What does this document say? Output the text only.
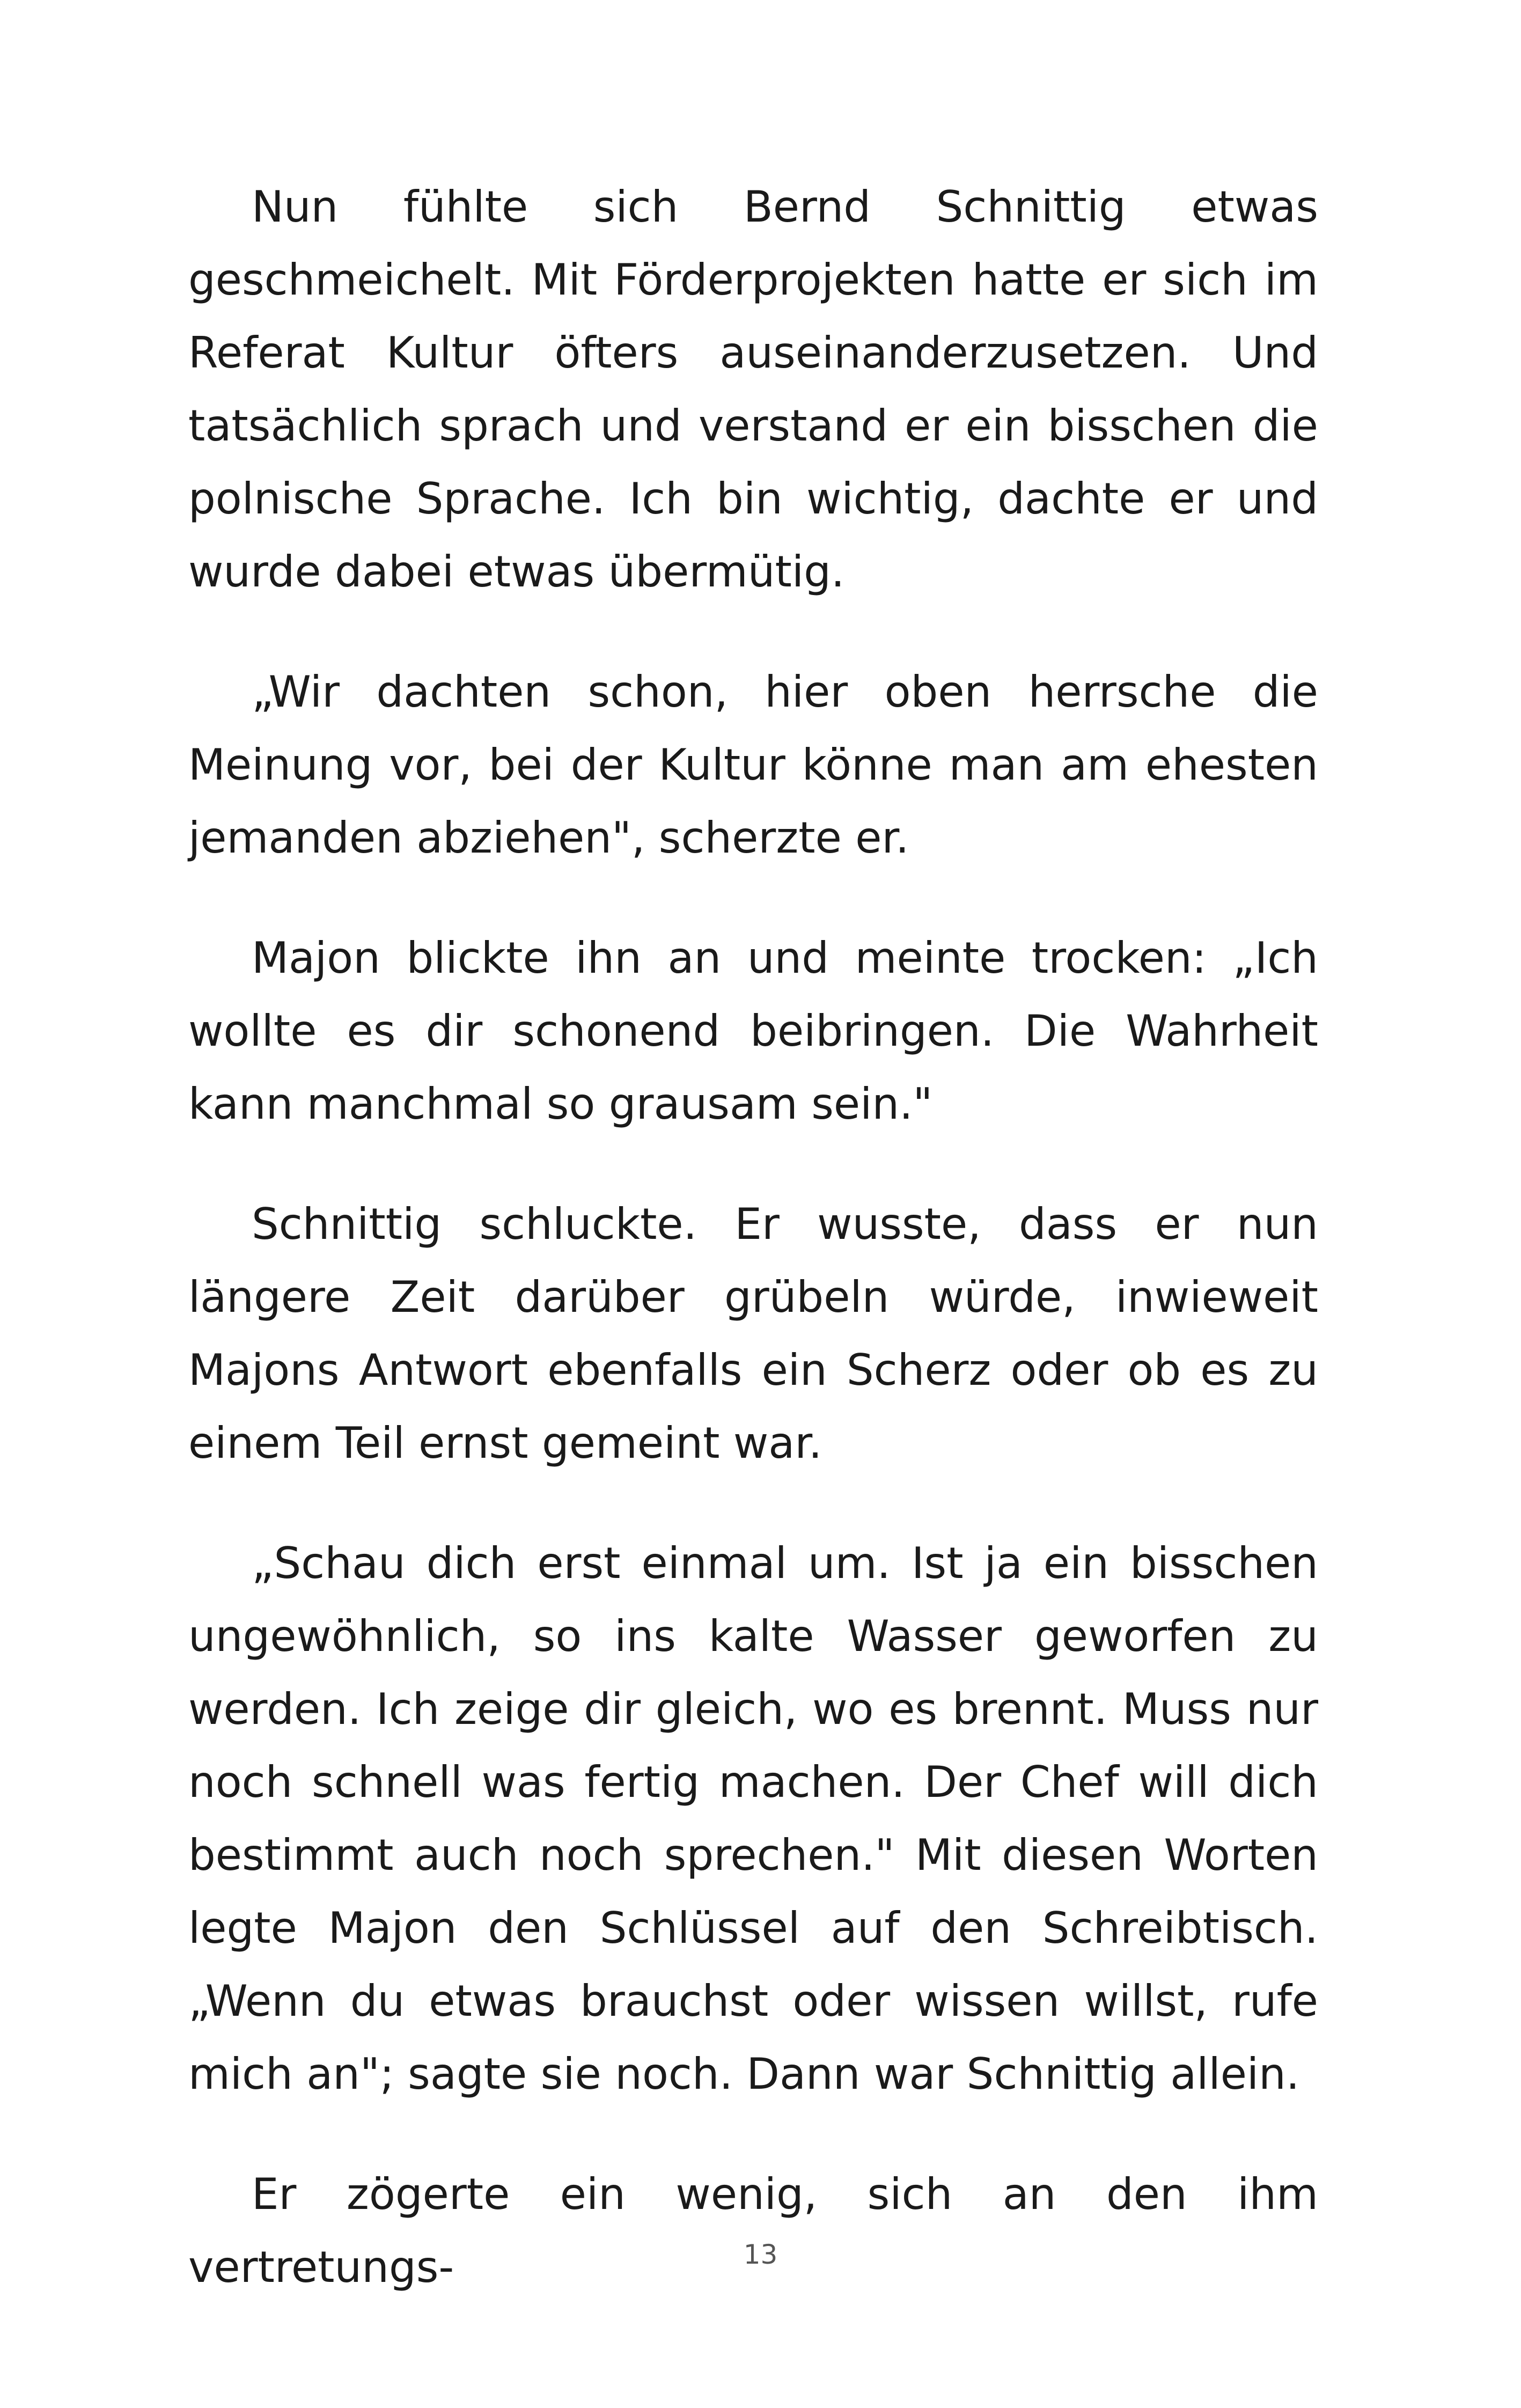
Nun fühlte sich Bernd Schnittig etwas geschmeichelt. Mit Förderprojekten hatte er sich im Referat Kultur öfters auseinanderzusetzen. Und tatsächlich sprach und verstand er ein bisschen die polnische Sprache. Ich bin wichtig, dachte er und wurde dabei etwas übermütig.

„Wir dachten schon, hier oben herrsche die Meinung vor, bei der Kultur könne man am ehesten jemanden abziehen", scherzte er.

Majon blickte ihn an und meinte trocken: „Ich wollte es dir schonend beibringen. Die Wahrheit kann manchmal so grausam sein."

Schnittig schluckte. Er wusste, dass er nun längere Zeit darüber grübeln würde, inwieweit Majons Antwort ebenfalls ein Scherz oder ob es zu einem Teil ernst gemeint war.

„Schau dich erst einmal um. Ist ja ein bisschen ungewöhnlich, so ins kalte Wasser geworfen zu werden. Ich zeige dir gleich, wo es brennt. Muss nur noch schnell was fertig machen. Der Chef will dich bestimmt auch noch sprechen." Mit diesen Worten legte Majon den Schlüssel auf den Schreibtisch. „Wenn du etwas brauchst oder wissen willst, rufe mich an"; sagte sie noch. Dann war Schnittig allein.

Er zögerte ein wenig, sich an den ihm vertretungs-	13
